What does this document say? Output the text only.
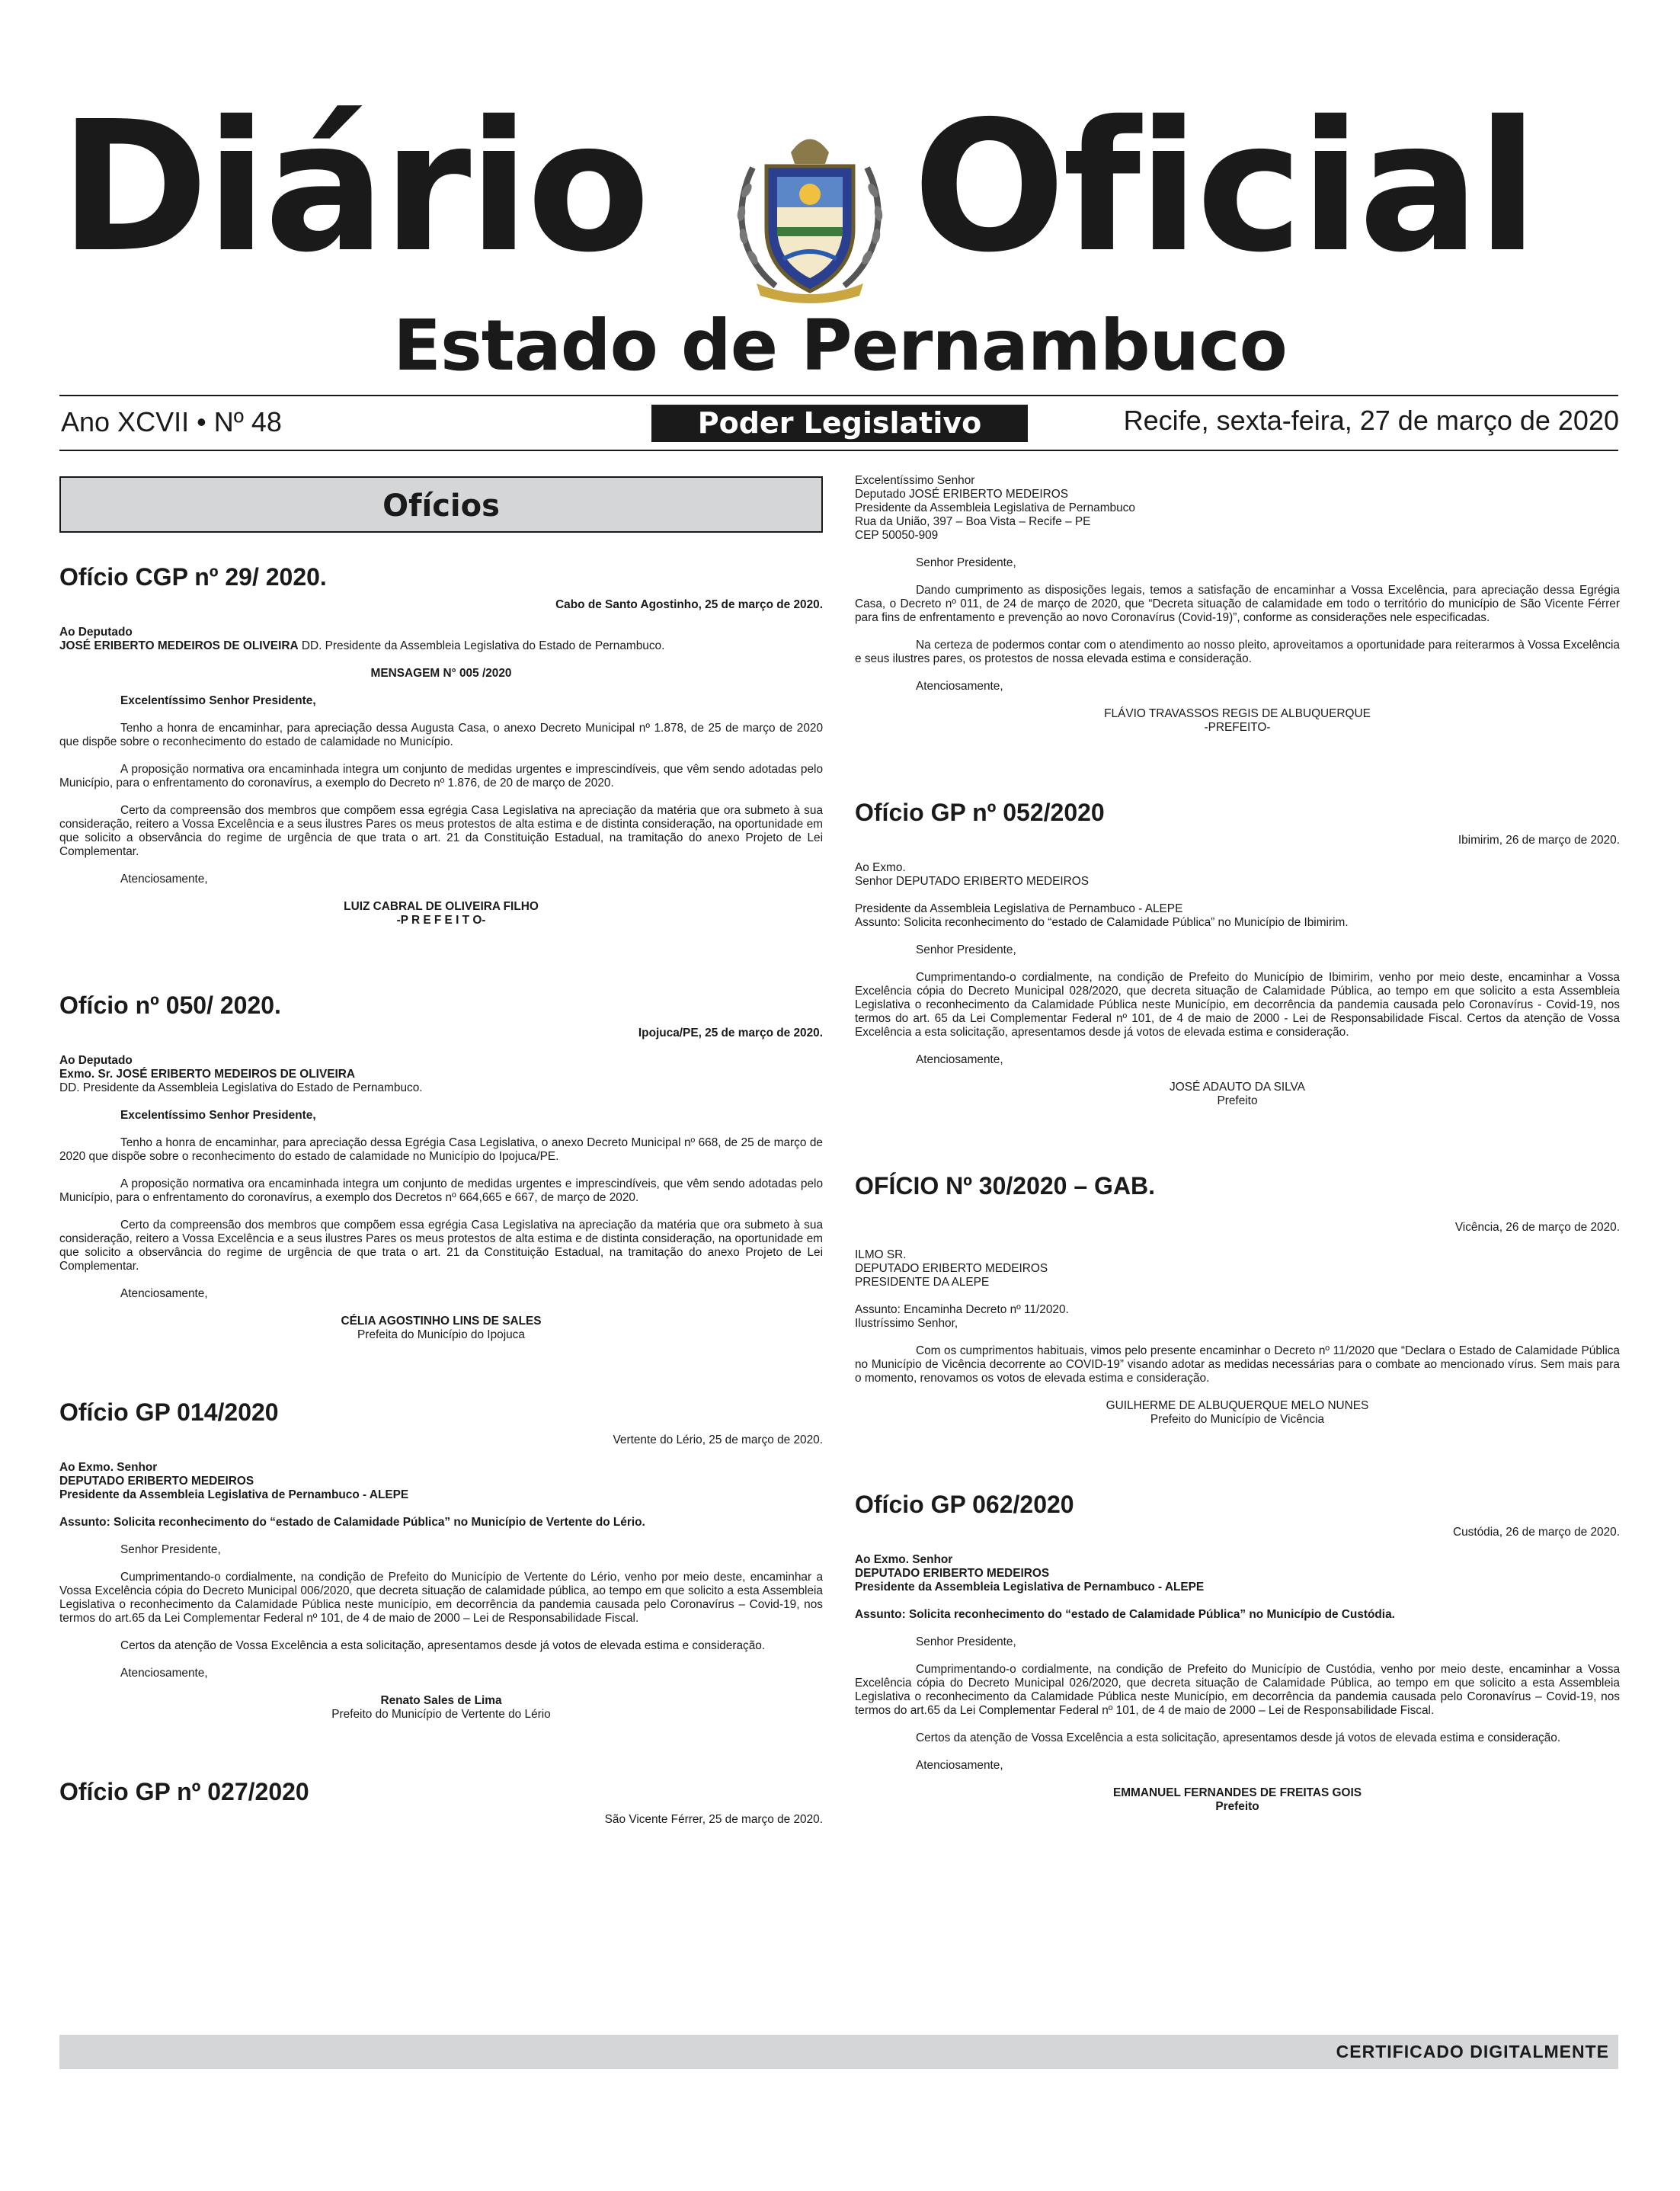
Diário Oficial
Estado de Pernambuco
Ano XCVII • Nº 48	Poder Legislativo	Recife, sexta-feira, 27 de março de 2020
Ofícios
Ofício CGP nº 29/ 2020.

Cabo de Santo Agostinho, 25 de março de 2020.

Ao Deputado

JOSÉ ERIBERTO MEDEIROS DE OLIVEIRA DD. Presidente da Assembleia Legislativa do Estado de Pernambuco.

MENSAGEM N° 005 /2020

Excelentíssimo Senhor Presidente,

Tenho a honra de encaminhar, para apreciação dessa Augusta Casa, o anexo Decreto Municipal nº 1.878, de 25 de março de 2020 que dispõe sobre o reconhecimento do estado de calamidade no Município.

A proposição normativa ora encaminhada integra um conjunto de medidas urgentes e imprescindíveis, que vêm sendo adotadas pelo Município, para o enfrentamento do coronavírus, a exemplo do Decreto nº 1.876, de 20 de março de 2020.

Certo da compreensão dos membros que compõem essa egrégia Casa Legislativa na apreciação da matéria que ora submeto à sua consideração, reitero a Vossa Excelência e a seus ilustres Pares os meus protestos de alta estima e de distinta consideração, na oportunidade em que solicito a observância do regime de urgência de que trata o art. 21 da Constituição Estadual, na tramitação do anexo Projeto de Lei Complementar.

Atenciosamente,

LUIZ CABRAL DE OLIVEIRA FILHO

-P R E F E I T O-

Ofício nº 050/ 2020.

Ipojuca/PE, 25 de março de 2020.

Ao Deputado

Exmo. Sr. JOSÉ ERIBERTO MEDEIROS DE OLIVEIRA

DD. Presidente da Assembleia Legislativa do Estado de Pernambuco.

Excelentíssimo Senhor Presidente,

Tenho a honra de encaminhar, para apreciação dessa Egrégia Casa Legislativa, o anexo Decreto Municipal nº 668, de 25 de março de 2020 que dispõe sobre o reconhecimento do estado de calamidade no Município do Ipojuca/PE.

A proposição normativa ora encaminhada integra um conjunto de medidas urgentes e imprescindíveis, que vêm sendo adotadas pelo Município, para o enfrentamento do coronavírus, a exemplo dos Decretos nº 664,665 e 667, de março de 2020.

Certo da compreensão dos membros que compõem essa egrégia Casa Legislativa na apreciação da matéria que ora submeto à sua consideração, reitero a Vossa Excelência e a seus ilustres Pares os meus protestos de alta estima e de distinta consideração, na oportunidade em que solicito a observância do regime de urgência de que trata o art. 21 da Constituição Estadual, na tramitação do anexo Projeto de Lei Complementar.

Atenciosamente,

CÉLIA AGOSTINHO LINS DE SALES

Prefeita do Município do Ipojuca

Ofício GP 014/2020

Vertente do Lério, 25 de março de 2020.

Ao Exmo. Senhor

DEPUTADO ERIBERTO MEDEIROS

Presidente da Assembleia Legislativa de Pernambuco - ALEPE

Assunto: Solicita reconhecimento do “estado de Calamidade Pública” no Município de Vertente do Lério.

Senhor Presidente,

Cumprimentando-o cordialmente, na condição de Prefeito do Município de Vertente do Lério, venho por meio deste, encaminhar a Vossa Excelência cópia do Decreto Municipal 006/2020, que decreta situação de calamidade pública, ao tempo em que solicito a esta Assembleia Legislativa o reconhecimento da Calamidade Pública neste município, em decorrência da pandemia causada pelo Coronavírus – Covid-19, nos termos do art.65 da Lei Complementar Federal nº 101, de 4 de maio de 2000 – Lei de Responsabilidade Fiscal.

Certos da atenção de Vossa Excelência a esta solicitação, apresentamos desde já votos de elevada estima e consideração.

Atenciosamente,

Renato Sales de Lima

Prefeito do Município de Vertente do Lério

Ofício GP nº 027/2020

São Vicente Férrer, 25 de março de 2020.

Excelentíssimo Senhor

Deputado JOSÉ ERIBERTO MEDEIROS

Presidente da Assembleia Legislativa de Pernambuco

Rua da União, 397 – Boa Vista – Recife – PE

CEP 50050-909

Senhor Presidente,

Dando cumprimento as disposições legais, temos a satisfação de encaminhar a Vossa Excelência, para apreciação dessa Egrégia Casa, o Decreto nº 011, de 24 de março de 2020, que “Decreta situação de calamidade em todo o território do município de São Vicente Férrer para fins de enfrentamento e prevenção ao novo Coronavírus (Covid-19)”, conforme as considerações nele especificadas.

Na certeza de podermos contar com o atendimento ao nosso pleito, aproveitamos a oportunidade para reiterarmos à Vossa Excelência e seus ilustres pares, os protestos de nossa elevada estima e consideração.

Atenciosamente,

FLÁVIO TRAVASSOS REGIS DE ALBUQUERQUE

-PREFEITO-

Ofício GP nº 052/2020

Ibimirim, 26 de março de 2020.

Ao Exmo.

Senhor DEPUTADO ERIBERTO MEDEIROS

Presidente da Assembleia Legislativa de Pernambuco - ALEPE

Assunto: Solicita reconhecimento do “estado de Calamidade Pública” no Município de Ibimirim.

Senhor Presidente,

Cumprimentando-o cordialmente, na condição de Prefeito do Município de Ibimirim, venho por meio deste, encaminhar a Vossa Excelência cópia do Decreto Municipal 028/2020, que decreta situação de Calamidade Pública, ao tempo em que solicito a esta Assembleia Legislativa o reconhecimento da Calamidade Pública neste Município, em decorrência da pandemia causada pelo Coronavírus - Covid-19, nos termos do art. 65 da Lei Complementar Federal nº 101, de 4 de maio de 2000 - Lei de Responsabilidade Fiscal. Certos da atenção de Vossa Excelência a esta solicitação, apresentamos desde já votos de elevada estima e consideração.

Atenciosamente,

JOSÉ ADAUTO DA SILVA

Prefeito

OFÍCIO Nº 30/2020 – GAB.

Vicência, 26 de março de 2020.

ILMO SR.

DEPUTADO ERIBERTO MEDEIROS

PRESIDENTE DA ALEPE

Assunto: Encaminha Decreto nº 11/2020.

Ilustríssimo Senhor,

Com os cumprimentos habituais, vimos pelo presente encaminhar o Decreto nº 11/2020 que “Declara o Estado de Calamidade Pública no Município de Vicência decorrente ao COVID-19” visando adotar as medidas necessárias para o combate ao mencionado vírus. Sem mais para o momento, renovamos os votos de elevada estima e consideração.

GUILHERME DE ALBUQUERQUE MELO NUNES

Prefeito do Município de Vicência

Ofício GP 062/2020

Custódia, 26 de março de 2020.

Ao Exmo. Senhor

DEPUTADO ERIBERTO MEDEIROS

Presidente da Assembleia Legislativa de Pernambuco - ALEPE

Assunto: Solicita reconhecimento do “estado de Calamidade Pública” no Município de Custódia.

Senhor Presidente,

Cumprimentando-o cordialmente, na condição de Prefeito do Município de Custódia, venho por meio deste, encaminhar a Vossa Excelência cópia do Decreto Municipal 026/2020, que decreta situação de Calamidade Pública, ao tempo em que solicito a esta Assembleia Legislativa o reconhecimento da Calamidade Pública neste Município, em decorrência da pandemia causada pelo Coronavírus – Covid-19, nos termos do art.65 da Lei Complementar Federal nº 101, de 4 de maio de 2000 – Lei de Responsabilidade Fiscal.

Certos da atenção de Vossa Excelência a esta solicitação, apresentamos desde já votos de elevada estima e consideração.

Atenciosamente,

EMMANUEL FERNANDES DE FREITAS GOIS

Prefeito

CERTIFICADO DIGITALMENTE
